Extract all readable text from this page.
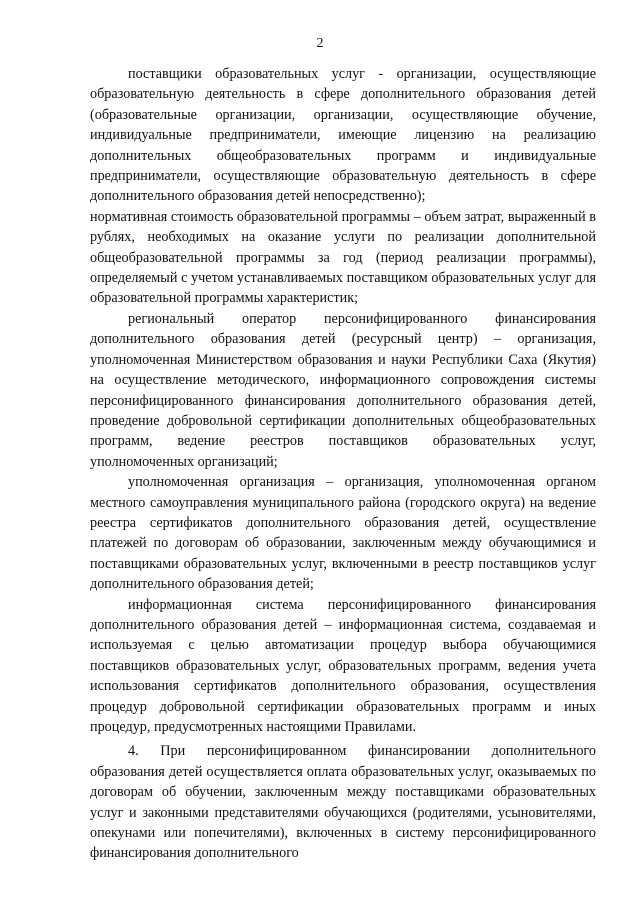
2

поставщики образовательных услуг - организации, осуществляющие образовательную деятельность в сфере дополнительного образования детей (образовательные организации, организации, осуществляющие обучение, индивидуальные предприниматели, имеющие лицензию на реализацию дополнительных общеобразовательных программ и индивидуальные предприниматели, осуществляющие образовательную деятельность в сфере дополнительного образования детей непосредственно);

нормативная стоимость образовательной программы – объем затрат, выраженный в рублях, необходимых на оказание услуги по реализации дополнительной общеобразовательной программы за год (период реализации программы), определяемый с учетом устанавливаемых поставщиком образовательных услуг для образовательной программы характеристик;

региональный оператор персонифицированного финансирования дополнительного образования детей (ресурсный центр) – организация, уполномоченная Министерством образования и науки Республики Саха (Якутия) на осуществление методического, информационного сопровождения системы персонифицированного финансирования дополнительного образования детей, проведение добровольной сертификации дополнительных общеобразовательных программ, ведение реестров поставщиков образовательных услуг, уполномоченных организаций;

уполномоченная организация – организация, уполномоченная органом местного самоуправления муниципального района (городского округа) на ведение реестра сертификатов дополнительного образования детей, осуществление платежей по договорам об образовании, заключенным между обучающимися и поставщиками образовательных услуг, включенными в реестр поставщиков услуг дополнительного образования детей;

информационная система персонифицированного финансирования дополнительного образования детей – информационная система, создаваемая и используемая с целью автоматизации процедур выбора обучающимися поставщиков образовательных услуг, образовательных программ, ведения учета использования сертификатов дополнительного образования, осуществления процедур добровольной сертификации образовательных программ и иных процедур, предусмотренных настоящими Правилами.

4. При персонифицированном финансировании дополнительного образования детей осуществляется оплата образовательных услуг, оказываемых по договорам об обучении, заключенным между поставщиками образовательных услуг и законными представителями обучающихся (родителями, усыновителями, опекунами или попечителями), включенных в систему персонифицированного финансирования дополнительного
